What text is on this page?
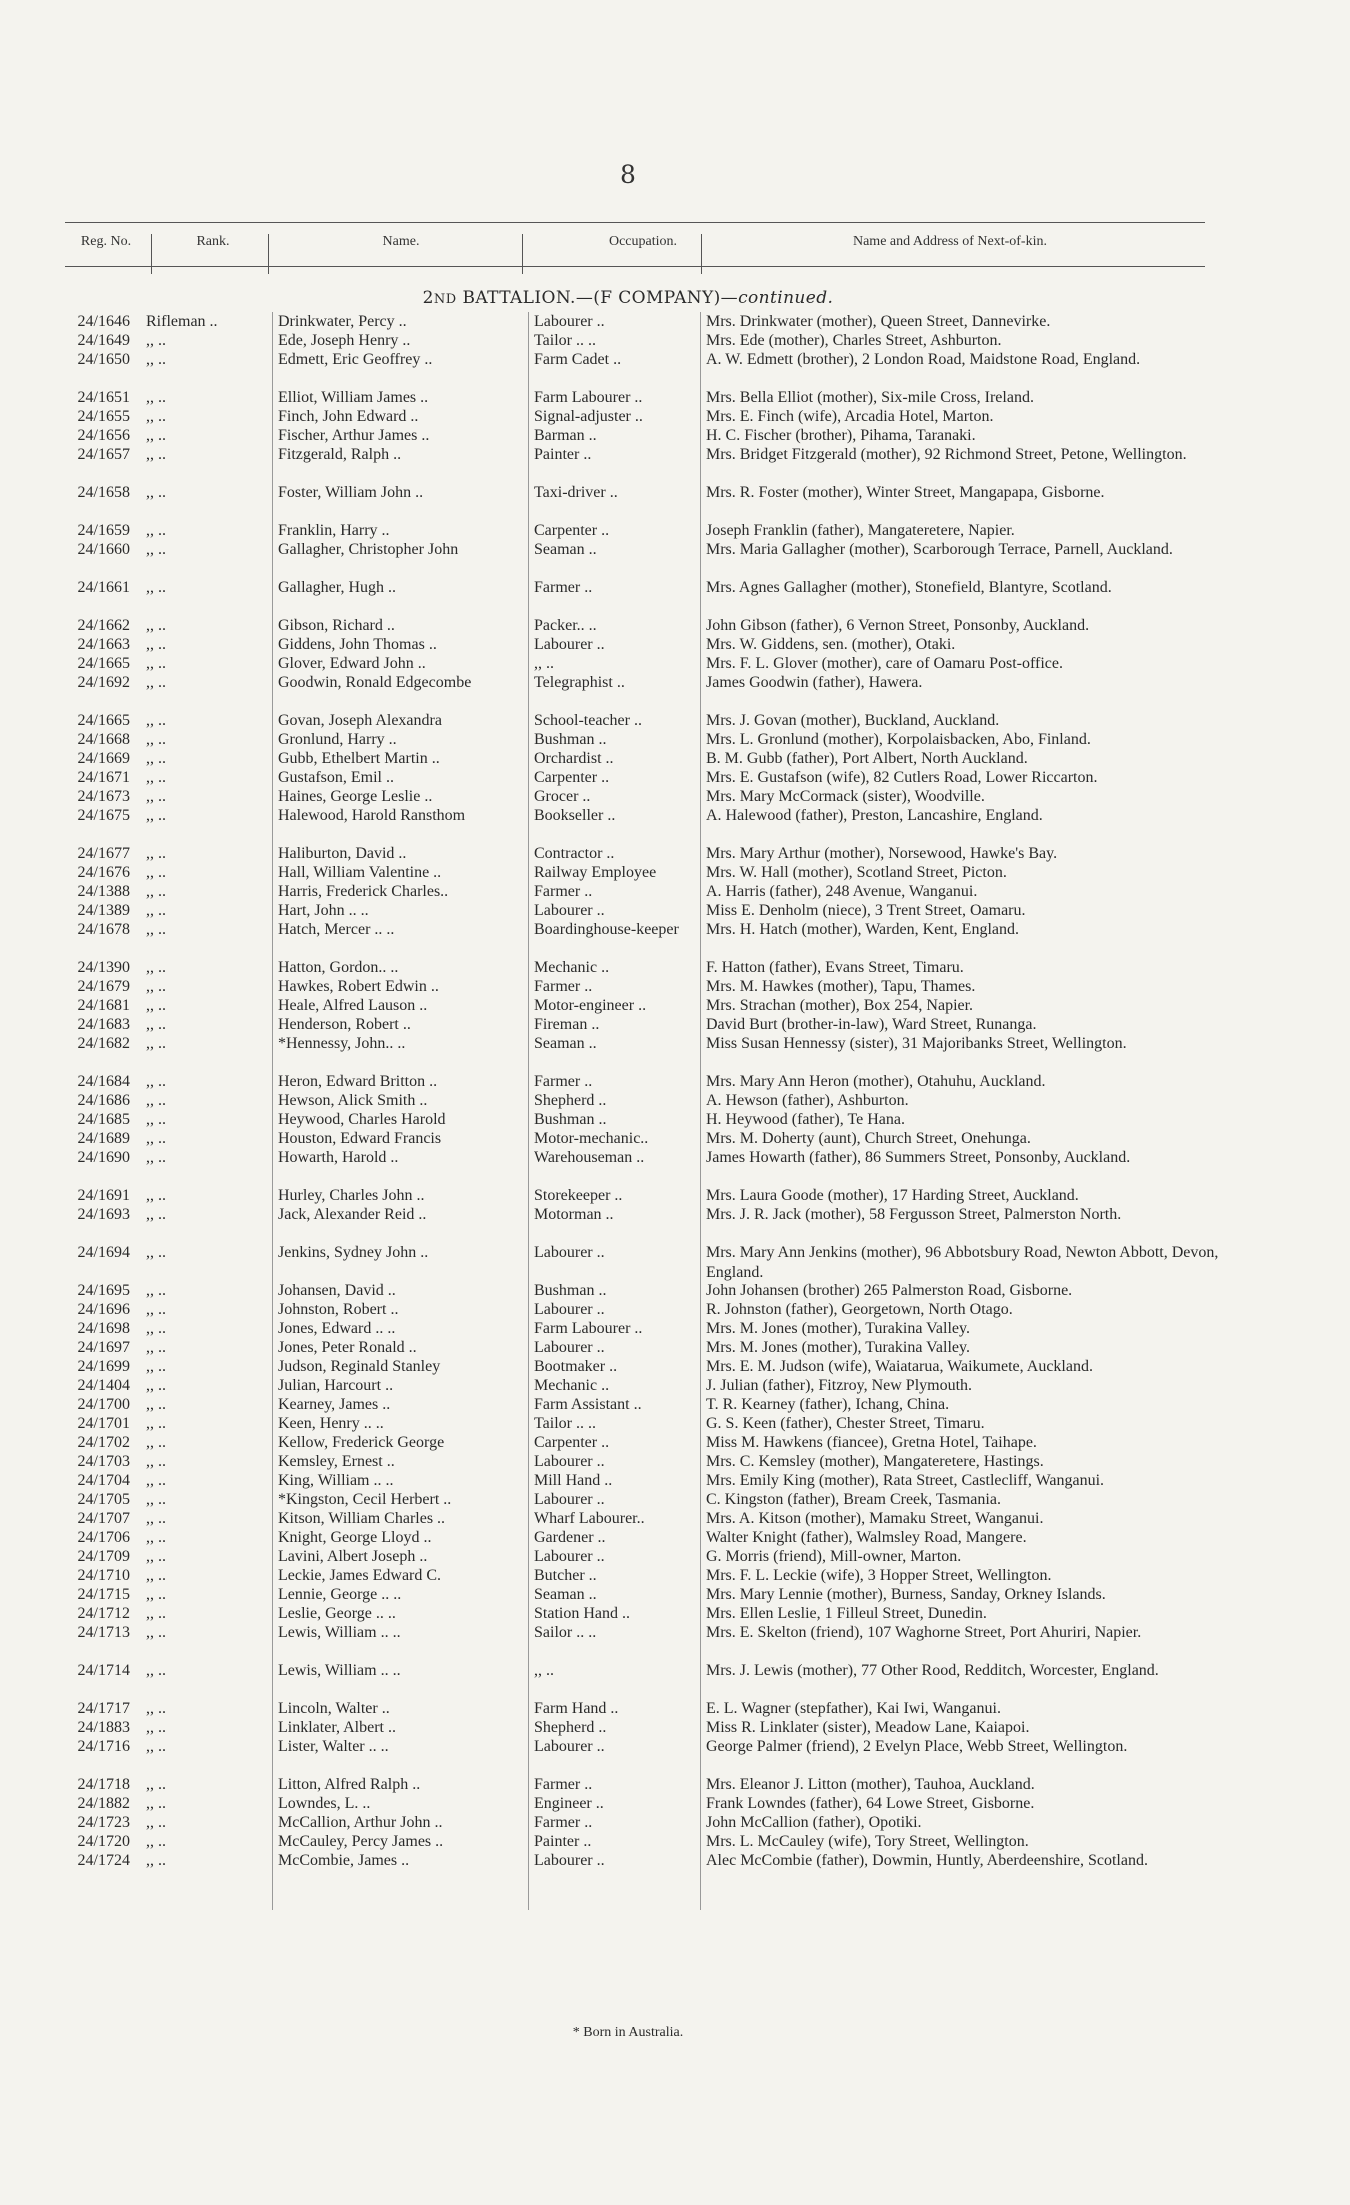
8
Reg. No.	Rank.	Name.	Occupation.	Name and Address of Next-of-kin.
2ND BATTALION.—(F COMPANY)—continued.
24/1646 Rifleman ..	Drinkwater, Percy ..	Labourer ..	Mrs. Drinkwater (mother), Queen Street, Dannevirke.
24/1649 ,, ..	Ede, Joseph Henry ..	Tailor .. ..	Mrs. Ede (mother), Charles Street, Ashburton.
24/1650 ,, ..	Edmett, Eric Geoffrey ..	Farm Cadet ..	A. W. Edmett (brother), 2 London Road, Maidstone Road, England.
24/1651 ,, ..	Elliot, William James ..	Farm Labourer ..	Mrs. Bella Elliot (mother), Six-mile Cross, Ireland.
24/1655 ,, ..	Finch, John Edward ..	Signal-adjuster ..	Mrs. E. Finch (wife), Arcadia Hotel, Marton.
24/1656 ,, ..	Fischer, Arthur James ..	Barman ..	H. C. Fischer (brother), Pihama, Taranaki.
24/1657 ,, ..	Fitzgerald, Ralph ..	Painter ..	Mrs. Bridget Fitzgerald (mother), 92 Richmond Street, Petone, Wellington.
24/1658 ,, ..	Foster, William John ..	Taxi-driver ..	Mrs. R. Foster (mother), Winter Street, Mangapapa, Gisborne.
24/1659 ,, ..	Franklin, Harry ..	Carpenter ..	Joseph Franklin (father), Mangateretere, Napier.
24/1660 ,, ..	Gallagher, Christopher John	Seaman ..	Mrs. Maria Gallagher (mother), Scarborough Terrace, Parnell, Auckland.
24/1661 ,, ..	Gallagher, Hugh ..	Farmer ..	Mrs. Agnes Gallagher (mother), Stonefield, Blantyre, Scotland.
24/1662 ,, ..	Gibson, Richard ..	Packer.. ..	John Gibson (father), 6 Vernon Street, Ponsonby, Auckland.
24/1663 ,, ..	Giddens, John Thomas ..	Labourer ..	Mrs. W. Giddens, sen. (mother), Otaki.
24/1665 ,, ..	Glover, Edward John ..	,, ..	Mrs. F. L. Glover (mother), care of Oamaru Post-office.
24/1692 ,, ..	Goodwin, Ronald Edgecombe	Telegraphist ..	James Goodwin (father), Hawera.
24/1665 ,, ..	Govan, Joseph Alexandra	School-teacher ..	Mrs. J. Govan (mother), Buckland, Auckland.
24/1668 ,, ..	Gronlund, Harry ..	Bushman ..	Mrs. L. Gronlund (mother), Korpolaisbacken, Abo, Finland.
24/1669 ,, ..	Gubb, Ethelbert Martin ..	Orchardist ..	B. M. Gubb (father), Port Albert, North Auckland.
24/1671 ,, ..	Gustafson, Emil ..	Carpenter ..	Mrs. E. Gustafson (wife), 82 Cutlers Road, Lower Riccarton.
24/1673 ,, ..	Haines, George Leslie ..	Grocer ..	Mrs. Mary McCormack (sister), Woodville.
24/1675 ,, ..	Halewood, Harold Ransthom	Bookseller ..	A. Halewood (father), Preston, Lancashire, England.
24/1677 ,, ..	Haliburton, David ..	Contractor ..	Mrs. Mary Arthur (mother), Norsewood, Hawke's Bay.
24/1676 ,, ..	Hall, William Valentine ..	Railway Employee	Mrs. W. Hall (mother), Scotland Street, Picton.
24/1388 ,, ..	Harris, Frederick Charles..	Farmer ..	A. Harris (father), 248 Avenue, Wanganui.
24/1389 ,, ..	Hart, John .. ..	Labourer ..	Miss E. Denholm (niece), 3 Trent Street, Oamaru.
24/1678 ,, ..	Hatch, Mercer .. ..	Boardinghouse-keeper	Mrs. H. Hatch (mother), Warden, Kent, England.
24/1390 ,, ..	Hatton, Gordon.. ..	Mechanic ..	F. Hatton (father), Evans Street, Timaru.
24/1679 ,, ..	Hawkes, Robert Edwin ..	Farmer ..	Mrs. M. Hawkes (mother), Tapu, Thames.
24/1681 ,, ..	Heale, Alfred Lauson ..	Motor-engineer ..	Mrs. Strachan (mother), Box 254, Napier.
24/1683 ,, ..	Henderson, Robert ..	Fireman ..	David Burt (brother-in-law), Ward Street, Runanga.
24/1682 ,, ..	*Hennessy, John.. ..	Seaman ..	Miss Susan Hennessy (sister), 31 Majoribanks Street, Wellington.
24/1684 ,, ..	Heron, Edward Britton ..	Farmer ..	Mrs. Mary Ann Heron (mother), Otahuhu, Auckland.
24/1686 ,, ..	Hewson, Alick Smith ..	Shepherd ..	A. Hewson (father), Ashburton.
24/1685 ,, ..	Heywood, Charles Harold	Bushman ..	H. Heywood (father), Te Hana.
24/1689 ,, ..	Houston, Edward Francis	Motor-mechanic..	Mrs. M. Doherty (aunt), Church Street, Onehunga.
24/1690 ,, ..	Howarth, Harold ..	Warehouseman ..	James Howarth (father), 86 Summers Street, Ponsonby, Auckland.
24/1691 ,, ..	Hurley, Charles John ..	Storekeeper ..	Mrs. Laura Goode (mother), 17 Harding Street, Auckland.
24/1693 ,, ..	Jack, Alexander Reid ..	Motorman ..	Mrs. J. R. Jack (mother), 58 Fergusson Street, Palmerston North.
24/1694 ,, ..	Jenkins, Sydney John ..	Labourer ..	Mrs. Mary Ann Jenkins (mother), 96 Abbotsbury Road, Newton Abbott, Devon, England.
24/1695 ,, ..	Johansen, David ..	Bushman ..	John Johansen (brother) 265 Palmerston Road, Gisborne.
24/1696 ,, ..	Johnston, Robert ..	Labourer ..	R. Johnston (father), Georgetown, North Otago.
24/1698 ,, ..	Jones, Edward .. ..	Farm Labourer ..	Mrs. M. Jones (mother), Turakina Valley.
24/1697 ,, ..	Jones, Peter Ronald ..	Labourer ..	Mrs. M. Jones (mother), Turakina Valley.
24/1699 ,, ..	Judson, Reginald Stanley	Bootmaker ..	Mrs. E. M. Judson (wife), Waiatarua, Waikumete, Auckland.
24/1404 ,, ..	Julian, Harcourt ..	Mechanic ..	J. Julian (father), Fitzroy, New Plymouth.
24/1700 ,, ..	Kearney, James ..	Farm Assistant ..	T. R. Kearney (father), Ichang, China.
24/1701 ,, ..	Keen, Henry .. ..	Tailor .. ..	G. S. Keen (father), Chester Street, Timaru.
24/1702 ,, ..	Kellow, Frederick George	Carpenter ..	Miss M. Hawkens (fiancee), Gretna Hotel, Taihape.
24/1703 ,, ..	Kemsley, Ernest ..	Labourer ..	Mrs. C. Kemsley (mother), Mangateretere, Hastings.
24/1704 ,, ..	King, William .. ..	Mill Hand ..	Mrs. Emily King (mother), Rata Street, Castlecliff, Wanganui.
24/1705 ,, ..	*Kingston, Cecil Herbert ..	Labourer ..	C. Kingston (father), Bream Creek, Tasmania.
24/1707 ,, ..	Kitson, William Charles ..	Wharf Labourer..	Mrs. A. Kitson (mother), Mamaku Street, Wanganui.
24/1706 ,, ..	Knight, George Lloyd ..	Gardener ..	Walter Knight (father), Walmsley Road, Mangere.
24/1709 ,, ..	Lavini, Albert Joseph ..	Labourer ..	G. Morris (friend), Mill-owner, Marton.
24/1710 ,, ..	Leckie, James Edward C.	Butcher ..	Mrs. F. L. Leckie (wife), 3 Hopper Street, Wellington.
24/1715 ,, ..	Lennie, George .. ..	Seaman ..	Mrs. Mary Lennie (mother), Burness, Sanday, Orkney Islands.
24/1712 ,, ..	Leslie, George .. ..	Station Hand ..	Mrs. Ellen Leslie, 1 Filleul Street, Dunedin.
24/1713 ,, ..	Lewis, William .. ..	Sailor .. ..	Mrs. E. Skelton (friend), 107 Waghorne Street, Port Ahuriri, Napier.
24/1714 ,, ..	Lewis, William .. ..	,, ..	Mrs. J. Lewis (mother), 77 Other Rood, Redditch, Worcester, England.
24/1717 ,, ..	Lincoln, Walter ..	Farm Hand ..	E. L. Wagner (stepfather), Kai Iwi, Wanganui.
24/1883 ,, ..	Linklater, Albert ..	Shepherd ..	Miss R. Linklater (sister), Meadow Lane, Kaiapoi.
24/1716 ,, ..	Lister, Walter .. ..	Labourer ..	George Palmer (friend), 2 Evelyn Place, Webb Street, Wellington.
24/1718 ,, ..	Litton, Alfred Ralph ..	Farmer ..	Mrs. Eleanor J. Litton (mother), Tauhoa, Auckland.
24/1882 ,, ..	Lowndes, L. ..	Engineer ..	Frank Lowndes (father), 64 Lowe Street, Gisborne.
24/1723 ,, ..	McCallion, Arthur John ..	Farmer ..	John McCallion (father), Opotiki.
24/1720 ,, ..	McCauley, Percy James ..	Painter ..	Mrs. L. McCauley (wife), Tory Street, Wellington.
24/1724 ,, ..	McCombie, James ..	Labourer ..	Alec McCombie (father), Dowmin, Huntly, Aberdeenshire, Scotland.
* Born in Australia.
